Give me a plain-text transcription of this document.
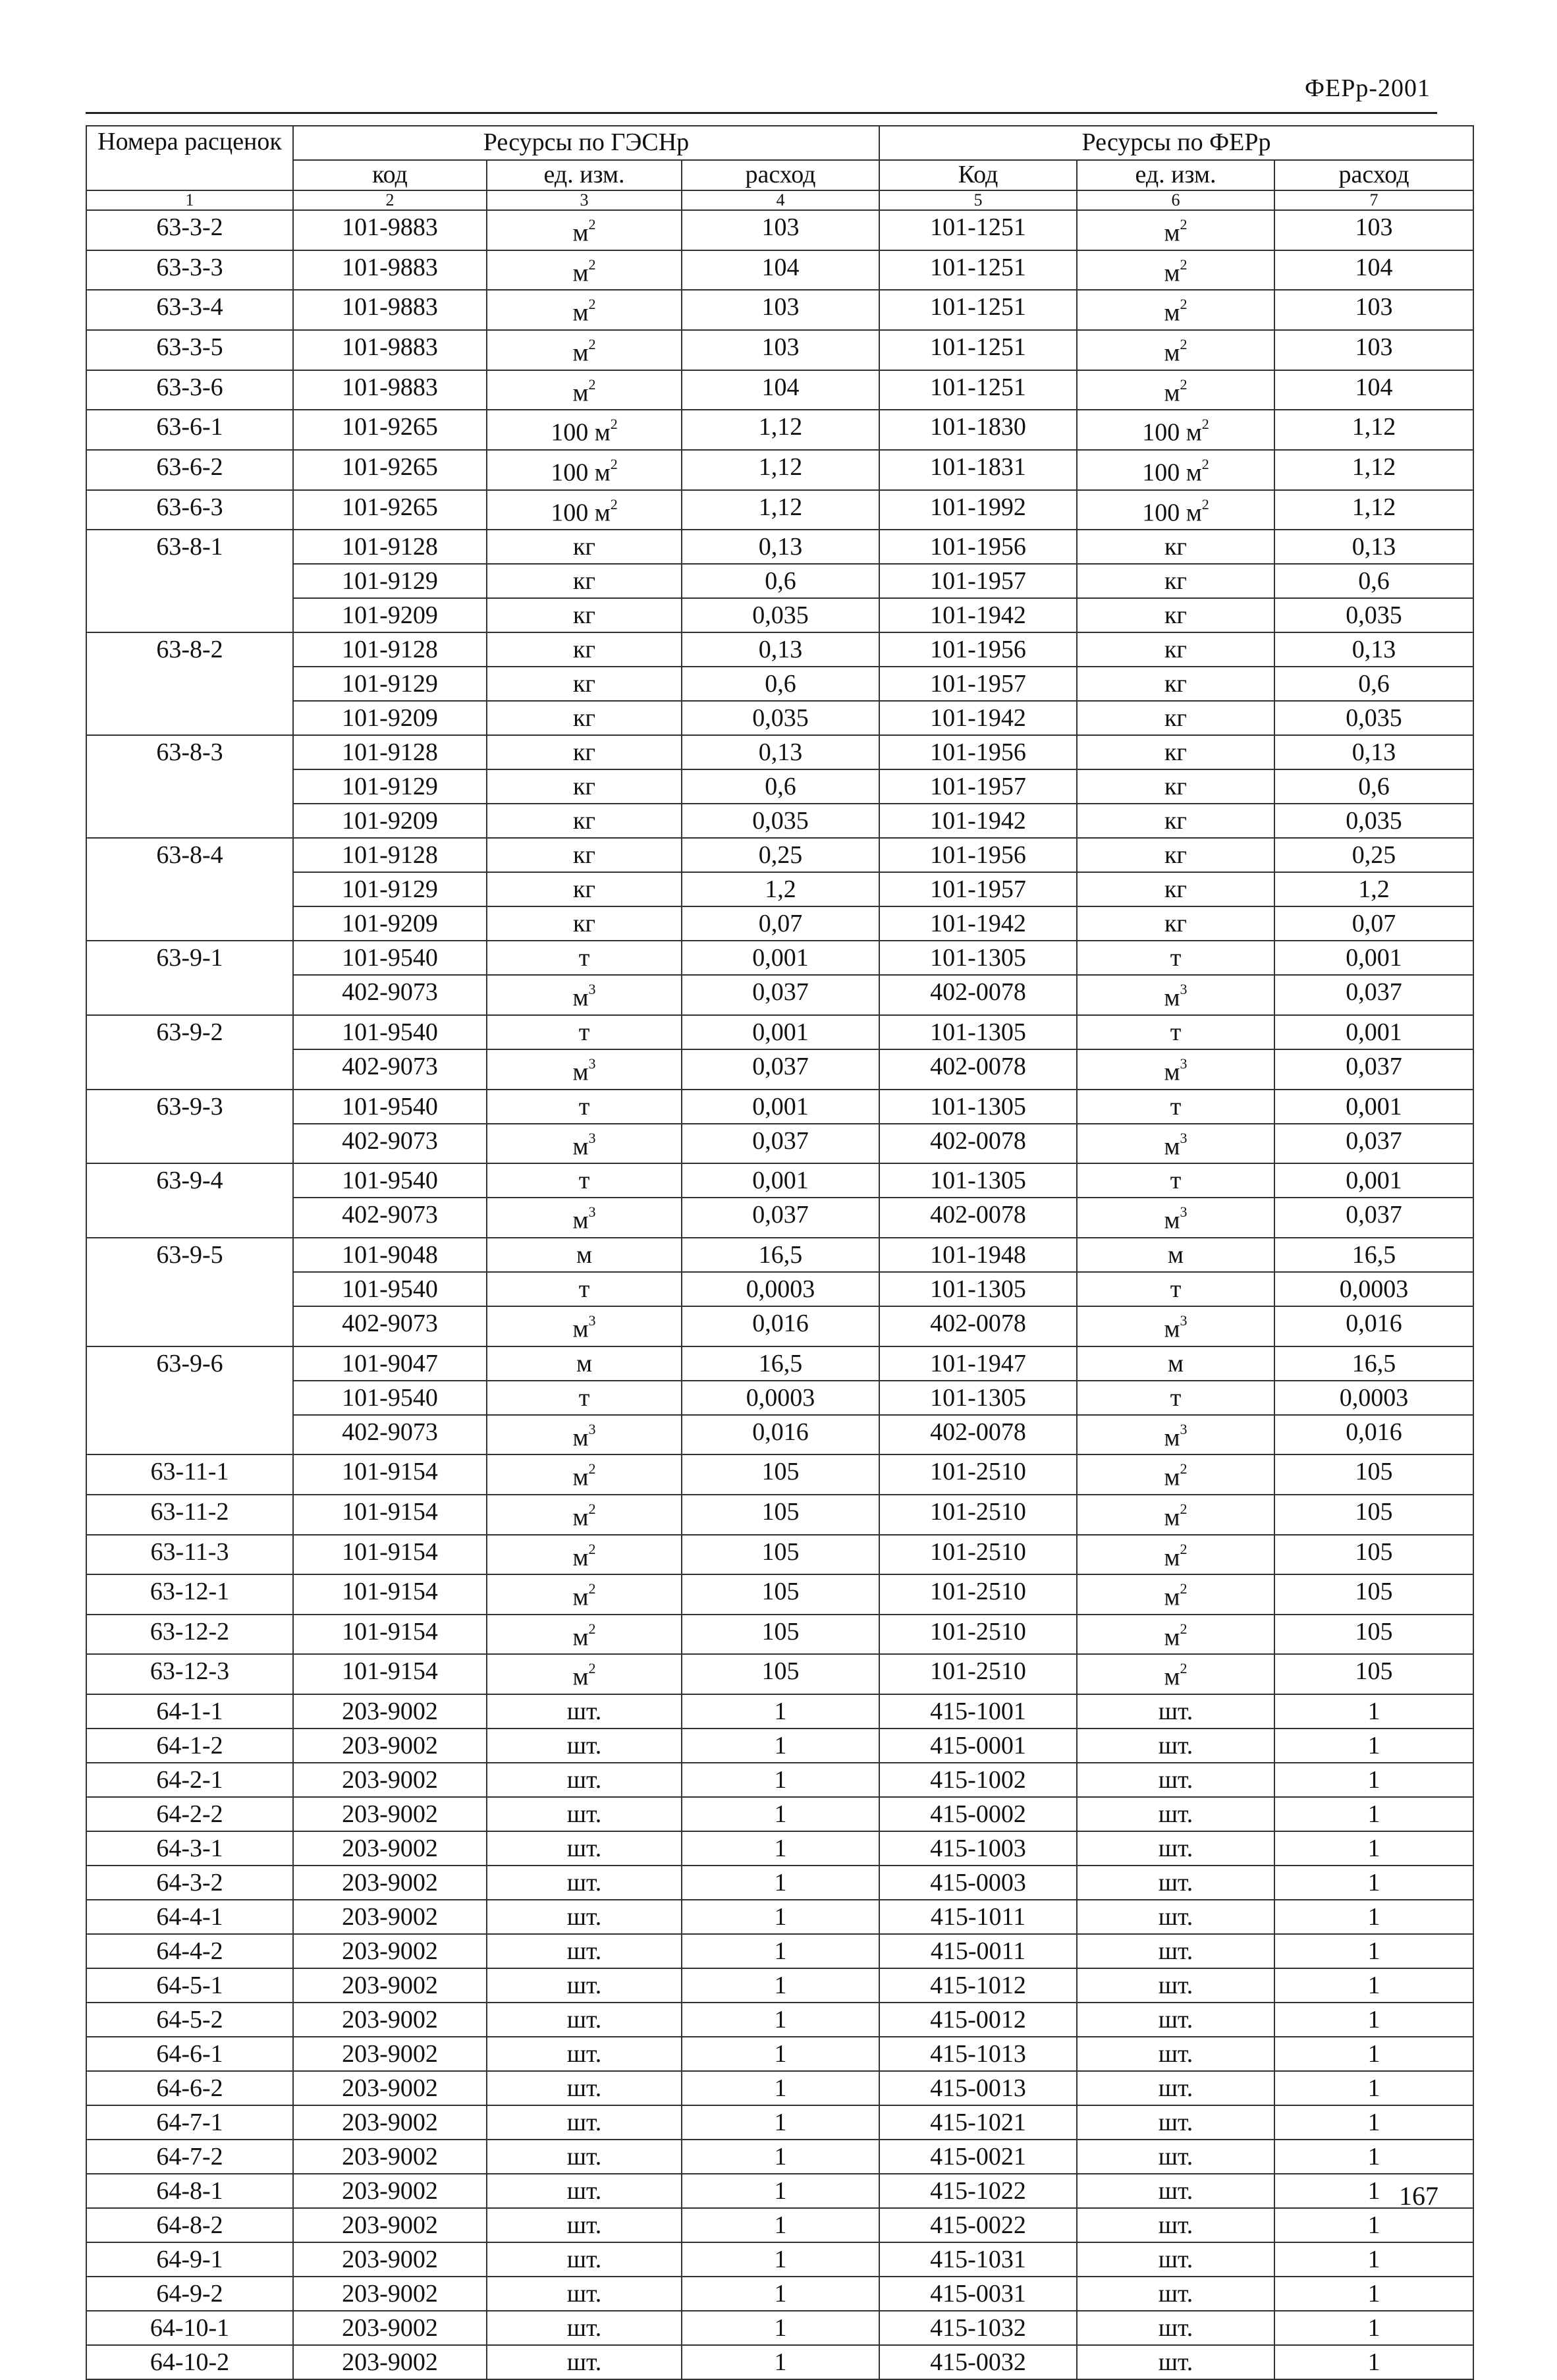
ФЕРр-2001
Номера расценок	Ресурсы по ГЭСНр			Ресурсы по ФЕРр		
	код	ед. изм.	расход	Код	ед. изм.	расход
1	2	3	4	5	6	7
63-3-2	101-9883	$м^2$	103	101-1251	$м^2$	103
63-3-3	101-9883	$м^2$	104	101-1251	$м^2$	104
63-3-4	101-9883	$м^2$	103	101-1251	$м^2$	103
63-3-5	101-9883	$м^2$	103	101-1251	$м^2$	103
63-3-6	101-9883	$м^2$	104	101-1251	$м^2$	104
63-6-1	101-9265	100 $м^2$	1,12	101-1830	100 $м^2$	1,12
63-6-2	101-9265	100 $м^2$	1,12	101-1831	100 $м^2$	1,12
63-6-3	101-9265	100 $м^2$	1,12	101-1992	100 $м^2$	1,12
63-8-1	101-9128	кг	0,13	101-1956	кг	0,13
	101-9129	кг	0,6	101-1957	кг	0,6
	101-9209	кг	0,035	101-1942	кг	0,035
63-8-2	101-9128	кг	0,13	101-1956	кг	0,13
	101-9129	кг	0,6	101-1957	кг	0,6
	101-9209	кг	0,035	101-1942	кг	0,035
63-8-3	101-9128	кг	0,13	101-1956	кг	0,13
	101-9129	кг	0,6	101-1957	кг	0,6
	101-9209	кг	0,035	101-1942	кг	0,035
63-8-4	101-9128	кг	0,25	101-1956	кг	0,25
	101-9129	кг	1,2	101-1957	кг	1,2
	101-9209	кг	0,07	101-1942	кг	0,07
63-9-1	101-9540	т	0,001	101-1305	т	0,001
	402-9073	$м^3$	0,037	402-0078	$м^3$	0,037
63-9-2	101-9540	т	0,001	101-1305	т	0,001
	402-9073	$м^3$	0,037	402-0078	$м^3$	0,037
63-9-3	101-9540	т	0,001	101-1305	т	0,001
	402-9073	$м^3$	0,037	402-0078	$м^3$	0,037
63-9-4	101-9540	т	0,001	101-1305	т	0,001
	402-9073	$м^3$	0,037	402-0078	$м^3$	0,037
63-9-5	101-9048	м	16,5	101-1948	м	16,5
	101-9540	т	0,0003	101-1305	т	0,0003
	402-9073	$м^3$	0,016	402-0078	$м^3$	0,016
63-9-6	101-9047	м	16,5	101-1947	м	16,5
	101-9540	т	0,0003	101-1305	т	0,0003
	402-9073	$м^3$	0,016	402-0078	$м^3$	0,016
63-11-1	101-9154	$м^2$	105	101-2510	$м^2$	105
63-11-2	101-9154	$м^2$	105	101-2510	$м^2$	105
63-11-3	101-9154	$м^2$	105	101-2510	$м^2$	105
63-12-1	101-9154	$м^2$	105	101-2510	$м^2$	105
63-12-2	101-9154	$м^2$	105	101-2510	$м^2$	105
63-12-3	101-9154	$м^2$	105	101-2510	$м^2$	105
64-1-1	203-9002	шт.	1	415-1001	шт.	1
64-1-2	203-9002	шт.	1	415-0001	шт.	1
64-2-1	203-9002	шт.	1	415-1002	шт.	1
64-2-2	203-9002	шт.	1	415-0002	шт.	1
64-3-1	203-9002	шт.	1	415-1003	шт.	1
64-3-2	203-9002	шт.	1	415-0003	шт.	1
64-4-1	203-9002	шт.	1	415-1011	шт.	1
64-4-2	203-9002	шт.	1	415-0011	шт.	1
64-5-1	203-9002	шт.	1	415-1012	шт.	1
64-5-2	203-9002	шт.	1	415-0012	шт.	1
64-6-1	203-9002	шт.	1	415-1013	шт.	1
64-6-2	203-9002	шт.	1	415-0013	шт.	1
64-7-1	203-9002	шт.	1	415-1021	шт.	1
64-7-2	203-9002	шт.	1	415-0021	шт.	1
64-8-1	203-9002	шт.	1	415-1022	шт.	1
64-8-2	203-9002	шт.	1	415-0022	шт.	1
64-9-1	203-9002	шт.	1	415-1031	шт.	1
64-9-2	203-9002	шт.	1	415-0031	шт.	1
64-10-1	203-9002	шт.	1	415-1032	шт.	1
64-10-2	203-9002	шт.	1	415-0032	шт.	1
167
